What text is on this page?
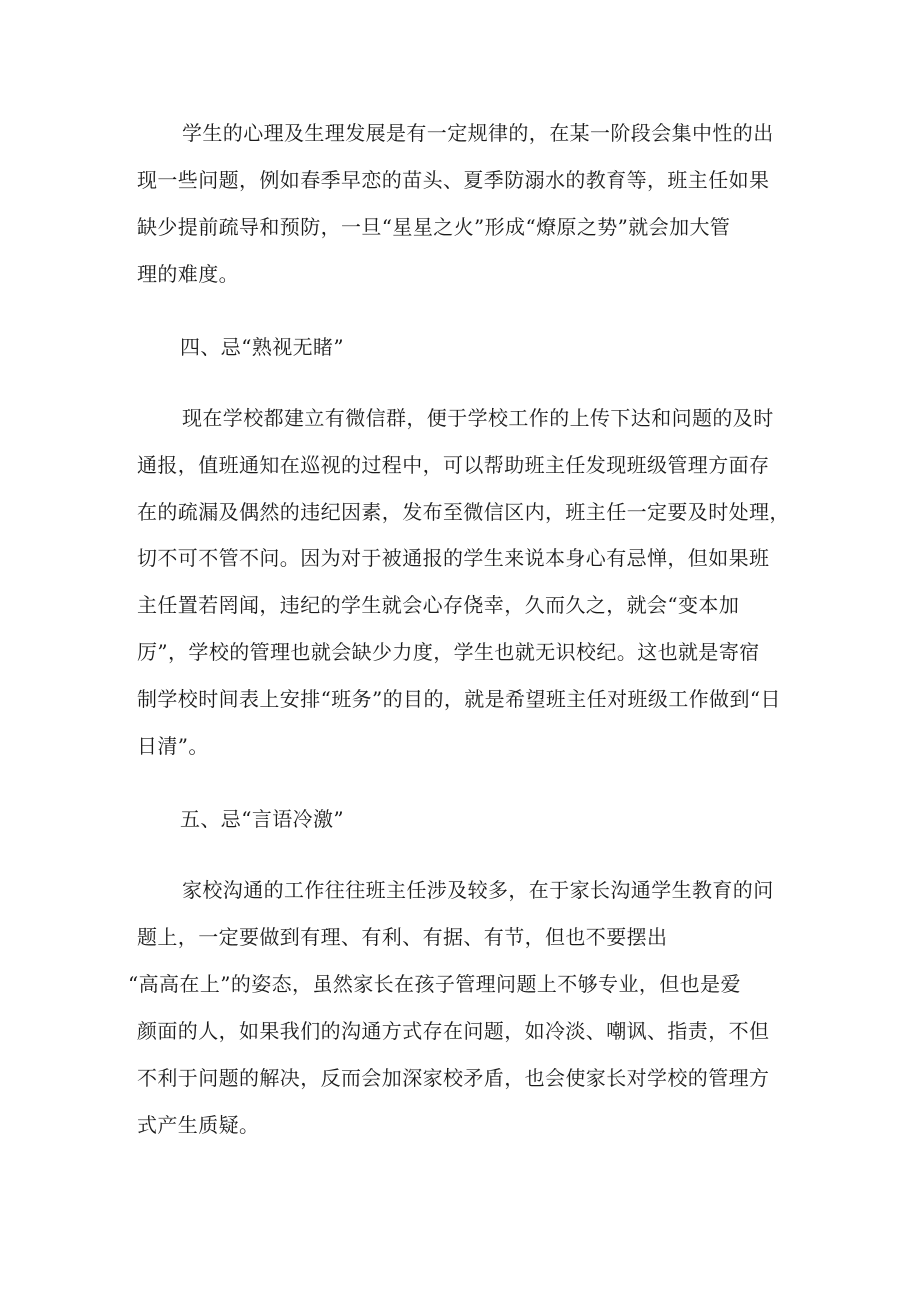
学生的心理及生理发展是有一定规律的，在某一阶段会集中性的出
现一些问题，例如春季早恋的苗头、夏季防溺水的教育等，班主任如果
缺少提前疏导和预防，一旦“星星之火”形成“燎原之势”就会加大管
理的难度。
四、忌“熟视无睹”
现在学校都建立有微信群，便于学校工作的上传下达和问题的及时
通报，值班通知在巡视的过程中，可以帮助班主任发现班级管理方面存
在的疏漏及偶然的违纪因素，发布至微信区内，班主任一定要及时处理，
切不可不管不问。因为对于被通报的学生来说本身心有忌惮，但如果班
主任置若罔闻，违纪的学生就会心存侥幸，久而久之，就会“变本加
厉”，学校的管理也就会缺少力度，学生也就无识校纪。这也就是寄宿
制学校时间表上安排“班务”的目的，就是希望班主任对班级工作做到“日
日清”。
五、忌“言语冷激”
家校沟通的工作往往班主任涉及较多，在于家长沟通学生教育的问
题上，一定要做到有理、有利、有据、有节，但也不要摆出
“高高在上”的姿态，虽然家长在孩子管理问题上不够专业，但也是爱
颜面的人，如果我们的沟通方式存在问题，如冷淡、嘲讽、指责，不但
不利于问题的解决，反而会加深家校矛盾，也会使家长对学校的管理方
式产生质疑。
